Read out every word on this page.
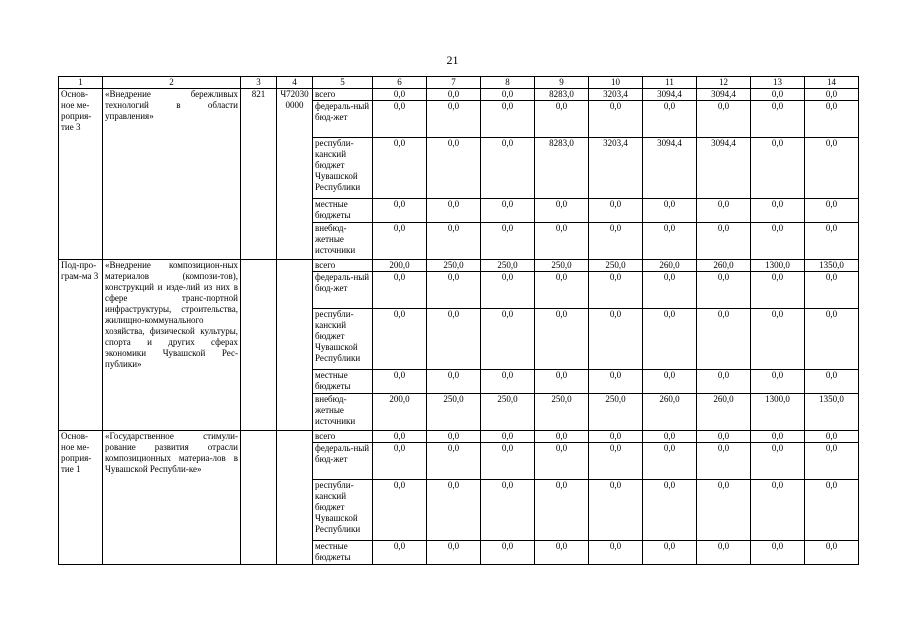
21
1	2	3	4	5	6	7	8	9	10	11	12	13	14
Основ-ное ме-роприя-тие 3	«Внедрение бережливых технологий в области управления»	821	Ч72030 0000	всего	0,0	0,0	0,0	8283,0	3203,4	3094,4	3094,4	0,0	0,0
				федераль-ный бюд-жет	0,0	0,0	0,0	0,0	0,0	0,0	0,0	0,0	0,0
				республи-канский бюджет Чувашской Республики	0,0	0,0	0,0	8283,0	3203,4	3094,4	3094,4	0,0	0,0
				местные бюджеты	0,0	0,0	0,0	0,0	0,0	0,0	0,0	0,0	0,0
				внебюд-жетные источники	0,0	0,0	0,0	0,0	0,0	0,0	0,0	0,0	0,0
Под-про-грам-ма 3	«Внедрение композицион-ных материалов (компози-тов), конструкций и изде-лий из них в сфере транс-портной инфраструктуры, строительства, жилищно-коммунального хозяйства, физической культуры, спорта и других сферах экономики Чувашской Рес-публики»			всего	200,0	250,0	250,0	250,0	250,0	260,0	260,0	1300,0	1350,0
				федераль-ный бюд-жет	0,0	0,0	0,0	0,0	0,0	0,0	0,0	0,0	0,0
				республи-канский бюджет Чувашской Республики	0,0	0,0	0,0	0,0	0,0	0,0	0,0	0,0	0,0
				местные бюджеты	0,0	0,0	0,0	0,0	0,0	0,0	0,0	0,0	0,0
				внебюд-жетные источники	200,0	250,0	250,0	250,0	250,0	260,0	260,0	1300,0	1350,0
Основ-ное ме-роприя-тие 1	«Государственное стимули-рование развития отрасли композиционных материа-лов в Чувашской Республи-ке»			всего	0,0	0,0	0,0	0,0	0,0	0,0	0,0	0,0	0,0
				федераль-ный бюд-жет	0,0	0,0	0,0	0,0	0,0	0,0	0,0	0,0	0,0
				республи-канский бюджет Чувашской Республики	0,0	0,0	0,0	0,0	0,0	0,0	0,0	0,0	0,0
				местные бюджеты	0,0	0,0	0,0	0,0	0,0	0,0	0,0	0,0	0,0
